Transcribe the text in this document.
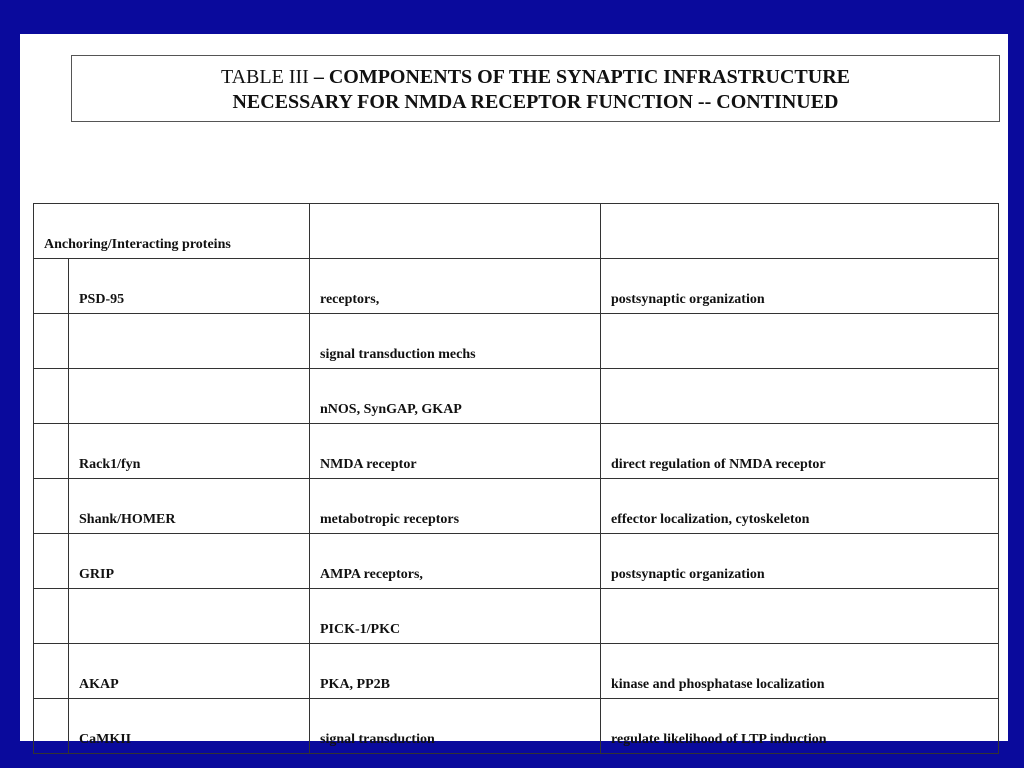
TABLE III – COMPONENTS OF THE SYNAPTIC INFRASTRUCTURE
NECESSARY FOR NMDA RECEPTOR FUNCTION -- CONTINUED
Anchoring/Interacting proteins			
	PSD-95	receptors,	postsynaptic organization
		signal transduction mechs	
		nNOS, SynGAP, GKAP	
	Rack1/fyn	NMDA receptor	direct regulation of NMDA receptor
	Shank/HOMER	metabotropic receptors	effector localization, cytoskeleton
	GRIP	AMPA receptors,	postsynaptic organization
		PICK-1/PKC	
	AKAP	PKA, PP2B	kinase and phosphatase localization
	CaMKII	signal transduction	regulate likelihood of LTP induction
